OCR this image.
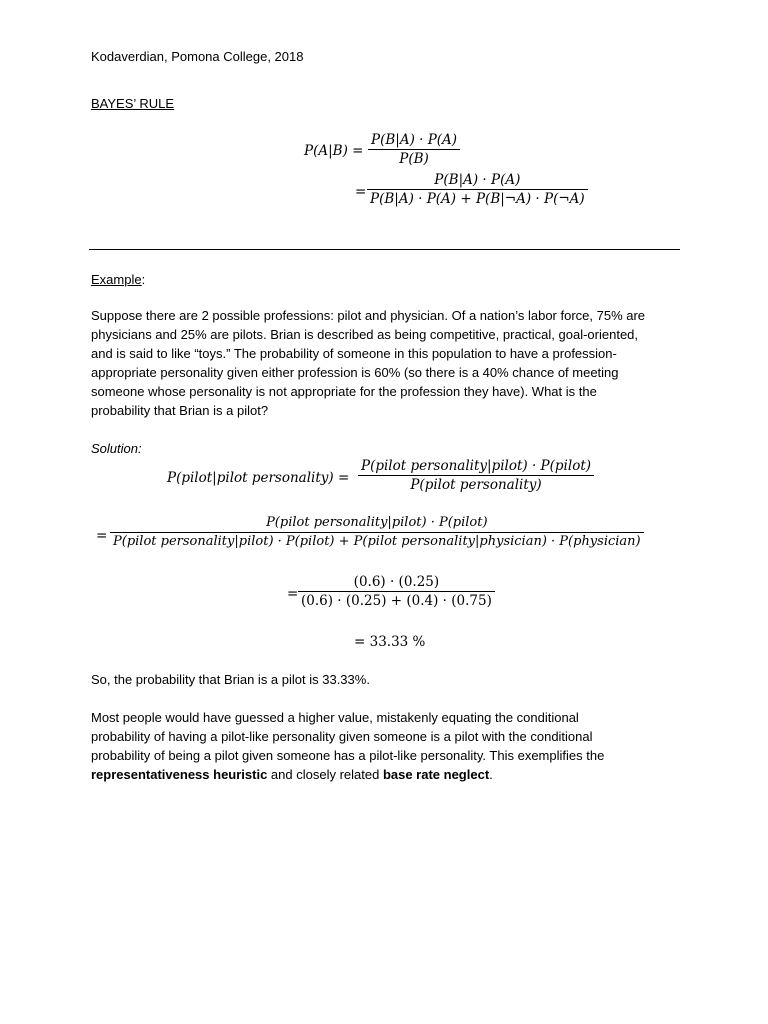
Kodaverdian, Pomona College, 2018
BAYES’ RULE
P(A|B) =
P(B|A) · P(A)
P(B)
=
P(B|A) · P(A)
P(B|A) · P(A) + P(B|¬A) · P(¬A)
Example:
Suppose there are 2 possible professions: pilot and physician. Of a nation’s labor force, 75% are
physicians and 25% are pilots. Brian is described as being competitive, practical, goal-oriented,
and is said to like “toys.” The probability of someone in this population to have a profession-
appropriate personality given either profession is 60% (so there is a 40% chance of meeting
someone whose personality is not appropriate for the profession they have). What is the
probability that Brian is a pilot?
Solution:
P(pilot|pilot personality) =
P(pilot personality|pilot) · P(pilot)
P(pilot personality)
=
P(pilot personality|pilot) · P(pilot)
P(pilot personality|pilot) · P(pilot) + P(pilot personality|physician) · P(physician)
=
(0.6) · (0.25)
(0.6) · (0.25) + (0.4) · (0.75)
= 33.33 %
So, the probability that Brian is a pilot is 33.33%.
Most people would have guessed a higher value, mistakenly equating the conditional
probability of having a pilot-like personality given someone is a pilot with the conditional
probability of being a pilot given someone has a pilot-like personality. This exemplifies the
representativeness heuristic and closely related base rate neglect.
